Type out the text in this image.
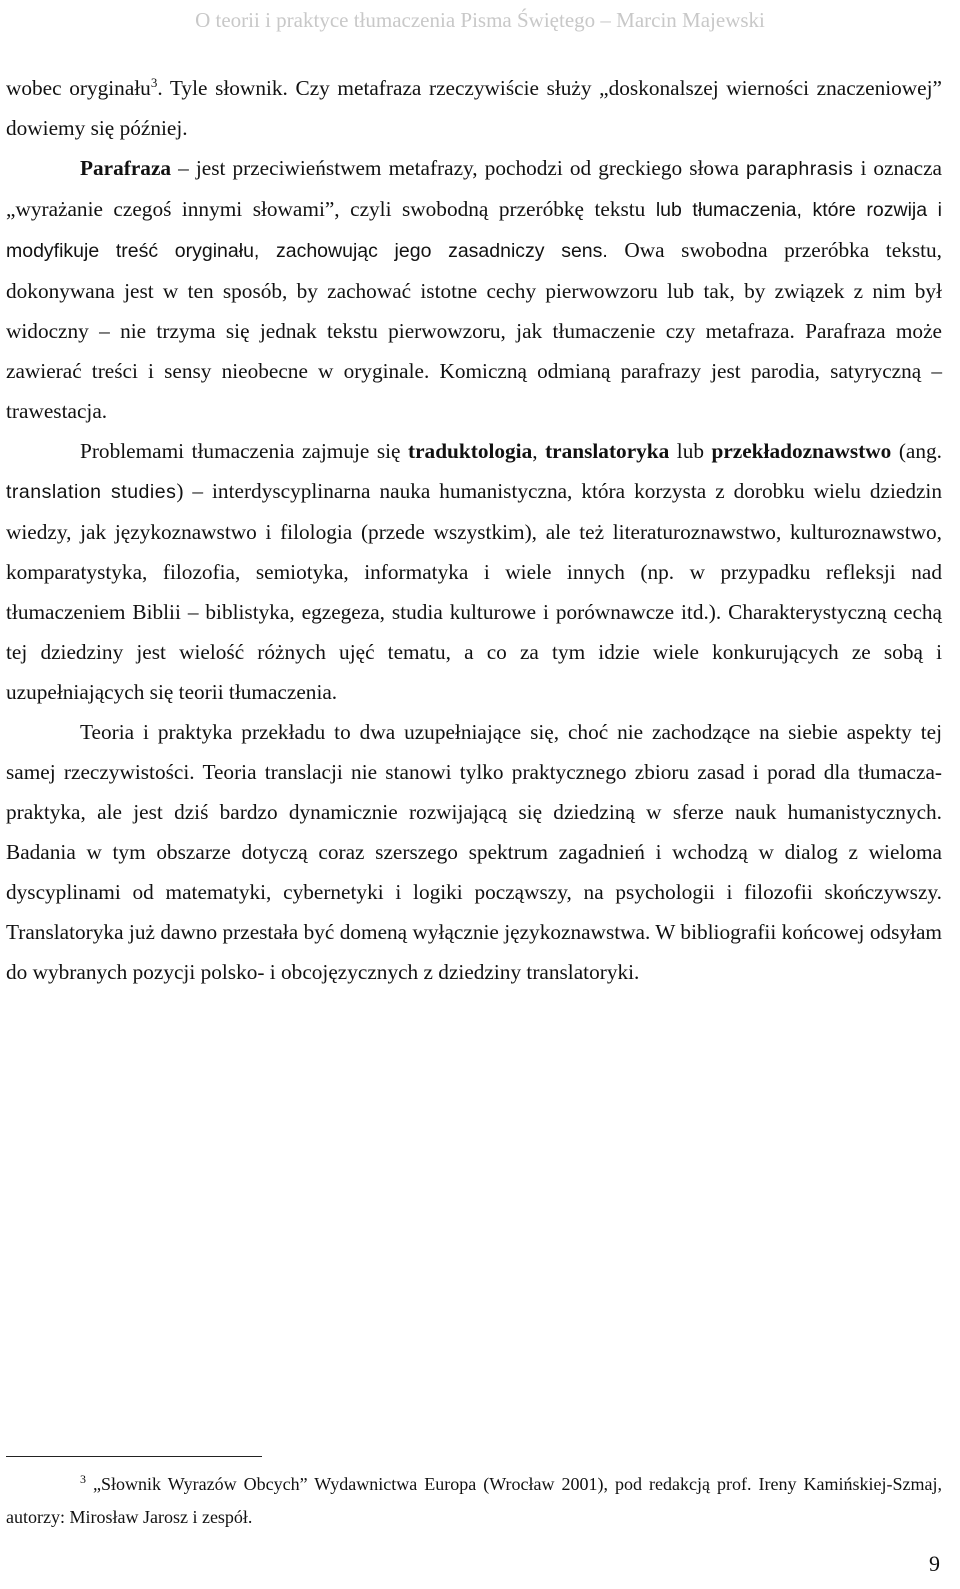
O teorii i praktyce tłumaczenia Pisma Świętego – Marcin Majewski

wobec oryginału$^3$. Tyle słownik. Czy metafraza rzeczywiście służy „doskonalszej wierności znaczeniowej” dowiemy się później.

Parafraza – jest przeciwieństwem metafrazy, pochodzi od greckiego słowa paraphrasis i oznacza „wyrażanie czegoś innymi słowami”, czyli swobodną przeróbkę tekstu lub tłumaczenia, które rozwija i modyfikuje treść oryginału, zachowując jego zasadniczy sens. Owa swobodna przeróbka tekstu, dokonywana jest w ten sposób, by zachować istotne cechy pierwowzoru lub tak, by związek z nim był widoczny – nie trzyma się jednak tekstu pierwowzoru, jak tłumaczenie czy metafraza. Parafraza może zawierać treści i sensy nieobecne w oryginale. Komiczną odmianą parafrazy jest parodia, satyryczną – trawestacja.

Problemami tłumaczenia zajmuje się traduktologia, translatoryka lub przekładoznawstwo (ang. translation studies) – interdyscyplinarna nauka humanistyczna, która korzysta z dorobku wielu dziedzin wiedzy, jak językoznawstwo i filologia (przede wszystkim), ale też literaturoznawstwo, kulturoznawstwo, komparatystyka, filozofia, semiotyka, informatyka i wiele innych (np. w przypadku refleksji nad tłumaczeniem Biblii – biblistyka, egzegeza, studia kulturowe i porównawcze itd.). Charakterystyczną cechą tej dziedziny jest wielość różnych ujęć tematu, a co za tym idzie wiele konkurujących ze sobą i uzupełniających się teorii tłumaczenia.

Teoria i praktyka przekładu to dwa uzupełniające się, choć nie zachodzące na siebie aspekty tej samej rzeczywistości. Teoria translacji nie stanowi tylko praktycznego zbioru zasad i porad dla tłumacza-praktyka, ale jest dziś bardzo dynamicznie rozwijającą się dziedziną w sferze nauk humanistycznych. Badania w tym obszarze dotyczą coraz szerszego spektrum zagadnień i wchodzą w dialog z wieloma dyscyplinami od matematyki, cybernetyki i logiki począwszy, na psychologii i filozofii skończywszy. Translatoryka już dawno przestała być domeną wyłącznie językoznawstwa. W bibliografii końcowej odsyłam do wybranych pozycji polsko- i obcojęzycznych z dziedziny translatoryki.

$^3$ „Słownik Wyrazów Obcych” Wydawnictwa Europa (Wrocław 2001), pod redakcją prof. Ireny Kamińskiej-Szmaj, autorzy: Mirosław Jarosz i zespół.

9
